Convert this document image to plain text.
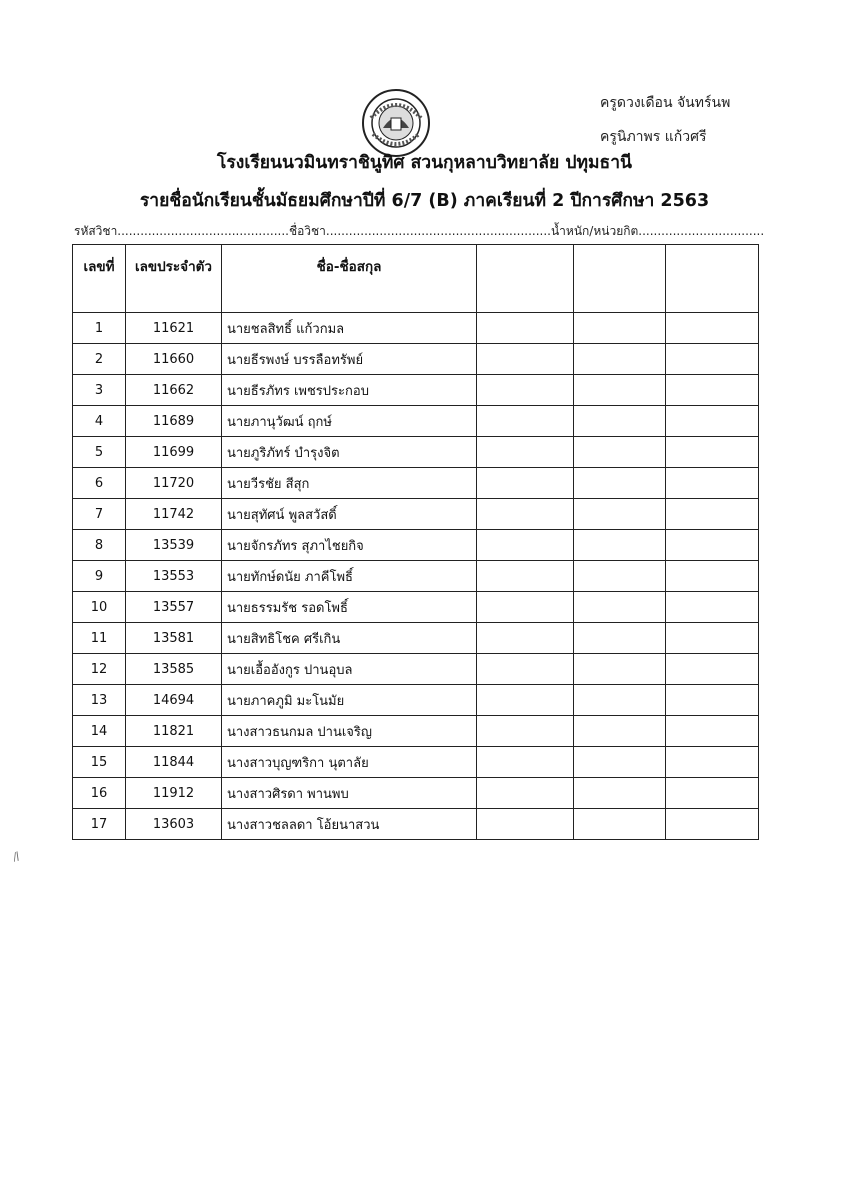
ครูดวงเดือน จันทร์นพ
ครูนิภาพร แก้วศรี
โรงเรียนนวมินทราชินูทิศ สวนกุหลาบวิทยาลัย ปทุมธานี
รายชื่อนักเรียนชั้นมัธยมศึกษาปีที่ 6/7 (B) ภาคเรียนที่ 2 ปีการศึกษา 2563
รหัสวิชา.............................................ชื่อวิชา...........................................................น้ำหนัก/หน่วยกิต.................................
เลขที่	เลขประจำตัว	ชื่อ-ชื่อสกุล			
1	11621	นายชลสิทธิ์ แก้วกมล			
2	11660	นายธีรพงษ์ บรรลือทรัพย์			
3	11662	นายธีรภัทร เพชรประกอบ			
4	11689	นายภานุวัฒน์ ฤกษ์			
5	11699	นายภูริภัทร์ บำรุงจิต			
6	11720	นายวีรชัย สีสุก			
7	11742	นายสุทัศน์ พูลสวัสดิ์			
8	13539	นายจักรภัทร สุภาไชยกิจ			
9	13553	นายทักษ์ดนัย ภาคีโพธิ์			
10	13557	นายธรรมรัช รอดโพธิ์			
11	13581	นายสิทธิโชค ศรีเกิน			
12	13585	นายเอื้ออังกูร ปานอุบล			
13	14694	นายภาคภูมิ มะโนมัย			
14	11821	นางสาวธนกมล ปานเจริญ			
15	11844	นางสาวบุญฑริกา นุตาลัย			
16	11912	นางสาวศิรดา พานพบ			
17	13603	นางสาวชลลดา โอ้ยนาสวน			
⁄∕
